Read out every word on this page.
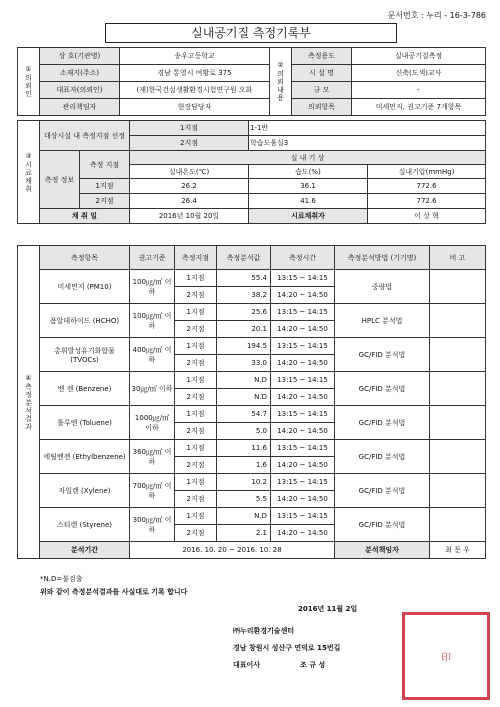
문서번호 : 누리 - 16-3-786
실내공기질 측정기록부
①의뢰인	상 호(기관명)	송우고등학교	②의뢰내용	측정용도	실내공기질측정
	소재지(주소)	경남 통영시 여황로 375		시 설 명	신축(도색)교사
	대표자(의뢰인)	(재)한국건설생활환경시험연구원 오화		규 모	-
	관리책임자	현장담당자		의뢰항목	미세먼지, 권고기준 7개항목
③시료채취	대상시설 내 측정지점 선정		1지점	1-1반	
			2지점	학습도움실3	
	측정 정보	측정 지점	실 내 기 상		
			실내온도(℃)	습도(%)	실내기압(mmHg)
		1지점	26.2	36.1	772.6
		2지점	26.4	41.6	772.6
	채 취 일		2016년 10월 20일	시료채취자	이 상 혁
④측정분석결과	측정항목	권고기준	측정지점	측정분석값	측정시간	측정분석방법 (기기명)	비 고
	미세먼지 (PM10)	100㎍/㎥ 이하	1지점	55.4	13:15 ~ 14:15	중량법	
			2지점	38.2	14:20 ~ 14:50		
	폼알데하이드 (HCHO)	100㎍/㎥ 이하	1지점	25.6	13:15 ~ 14:15	HPLC 분석법	
			2지점	20.1	14:20 ~ 14:50		
	총휘발성유기화합물 (TVOCs)	400㎍/㎥ 이하	1지점	194.5	13:15 ~ 14:15	GC/FID 분석법	
			2지점	33.0	14:20 ~ 14:50		
	벤 젠 (Benzene)	30㎍/㎥ 이하	1지점	N.D	13:15 ~ 14:15	GC/FID 분석법	
			2지점	N.D	14:20 ~ 14:50		
	톨루엔 (Toluene)	1000㎍/㎥ 이하	1지점	54.7	13:15 ~ 14:15	GC/FID 분석법	
			2지점	5.0	14:20 ~ 14:50		
	에틸벤젠 (Ethylbenzene)	360㎍/㎥ 이하	1지점	11.6	13:15 ~ 14:15	GC/FID 분석법	
			2지점	1.6	14:20 ~ 14:50		
	자일렌 (Xylene)	700㎍/㎥ 이하	1지점	10.2	13:15 ~ 14:15	GC/FID 분석법	
			2지점	5.5	14:20 ~ 14:50		
	스티렌 (Styrene)	300㎍/㎥ 이하	1지점	N.D	13:15 ~ 14:15	GC/FID 분석법	
			2지점	2.1	14:20 ~ 14:50		
	분석기간	2016. 10. 20 ~ 2016. 10. 28				분석책임자	최 문 우
*N.D=불검출
위와 같이 측정분석결과를 사실대로 기록 합니다
2016년 11월 2일
㈜누리환경기술센터
경남 창원시 성산구 연덕로 15번길
대표이사	조 규 성
印
